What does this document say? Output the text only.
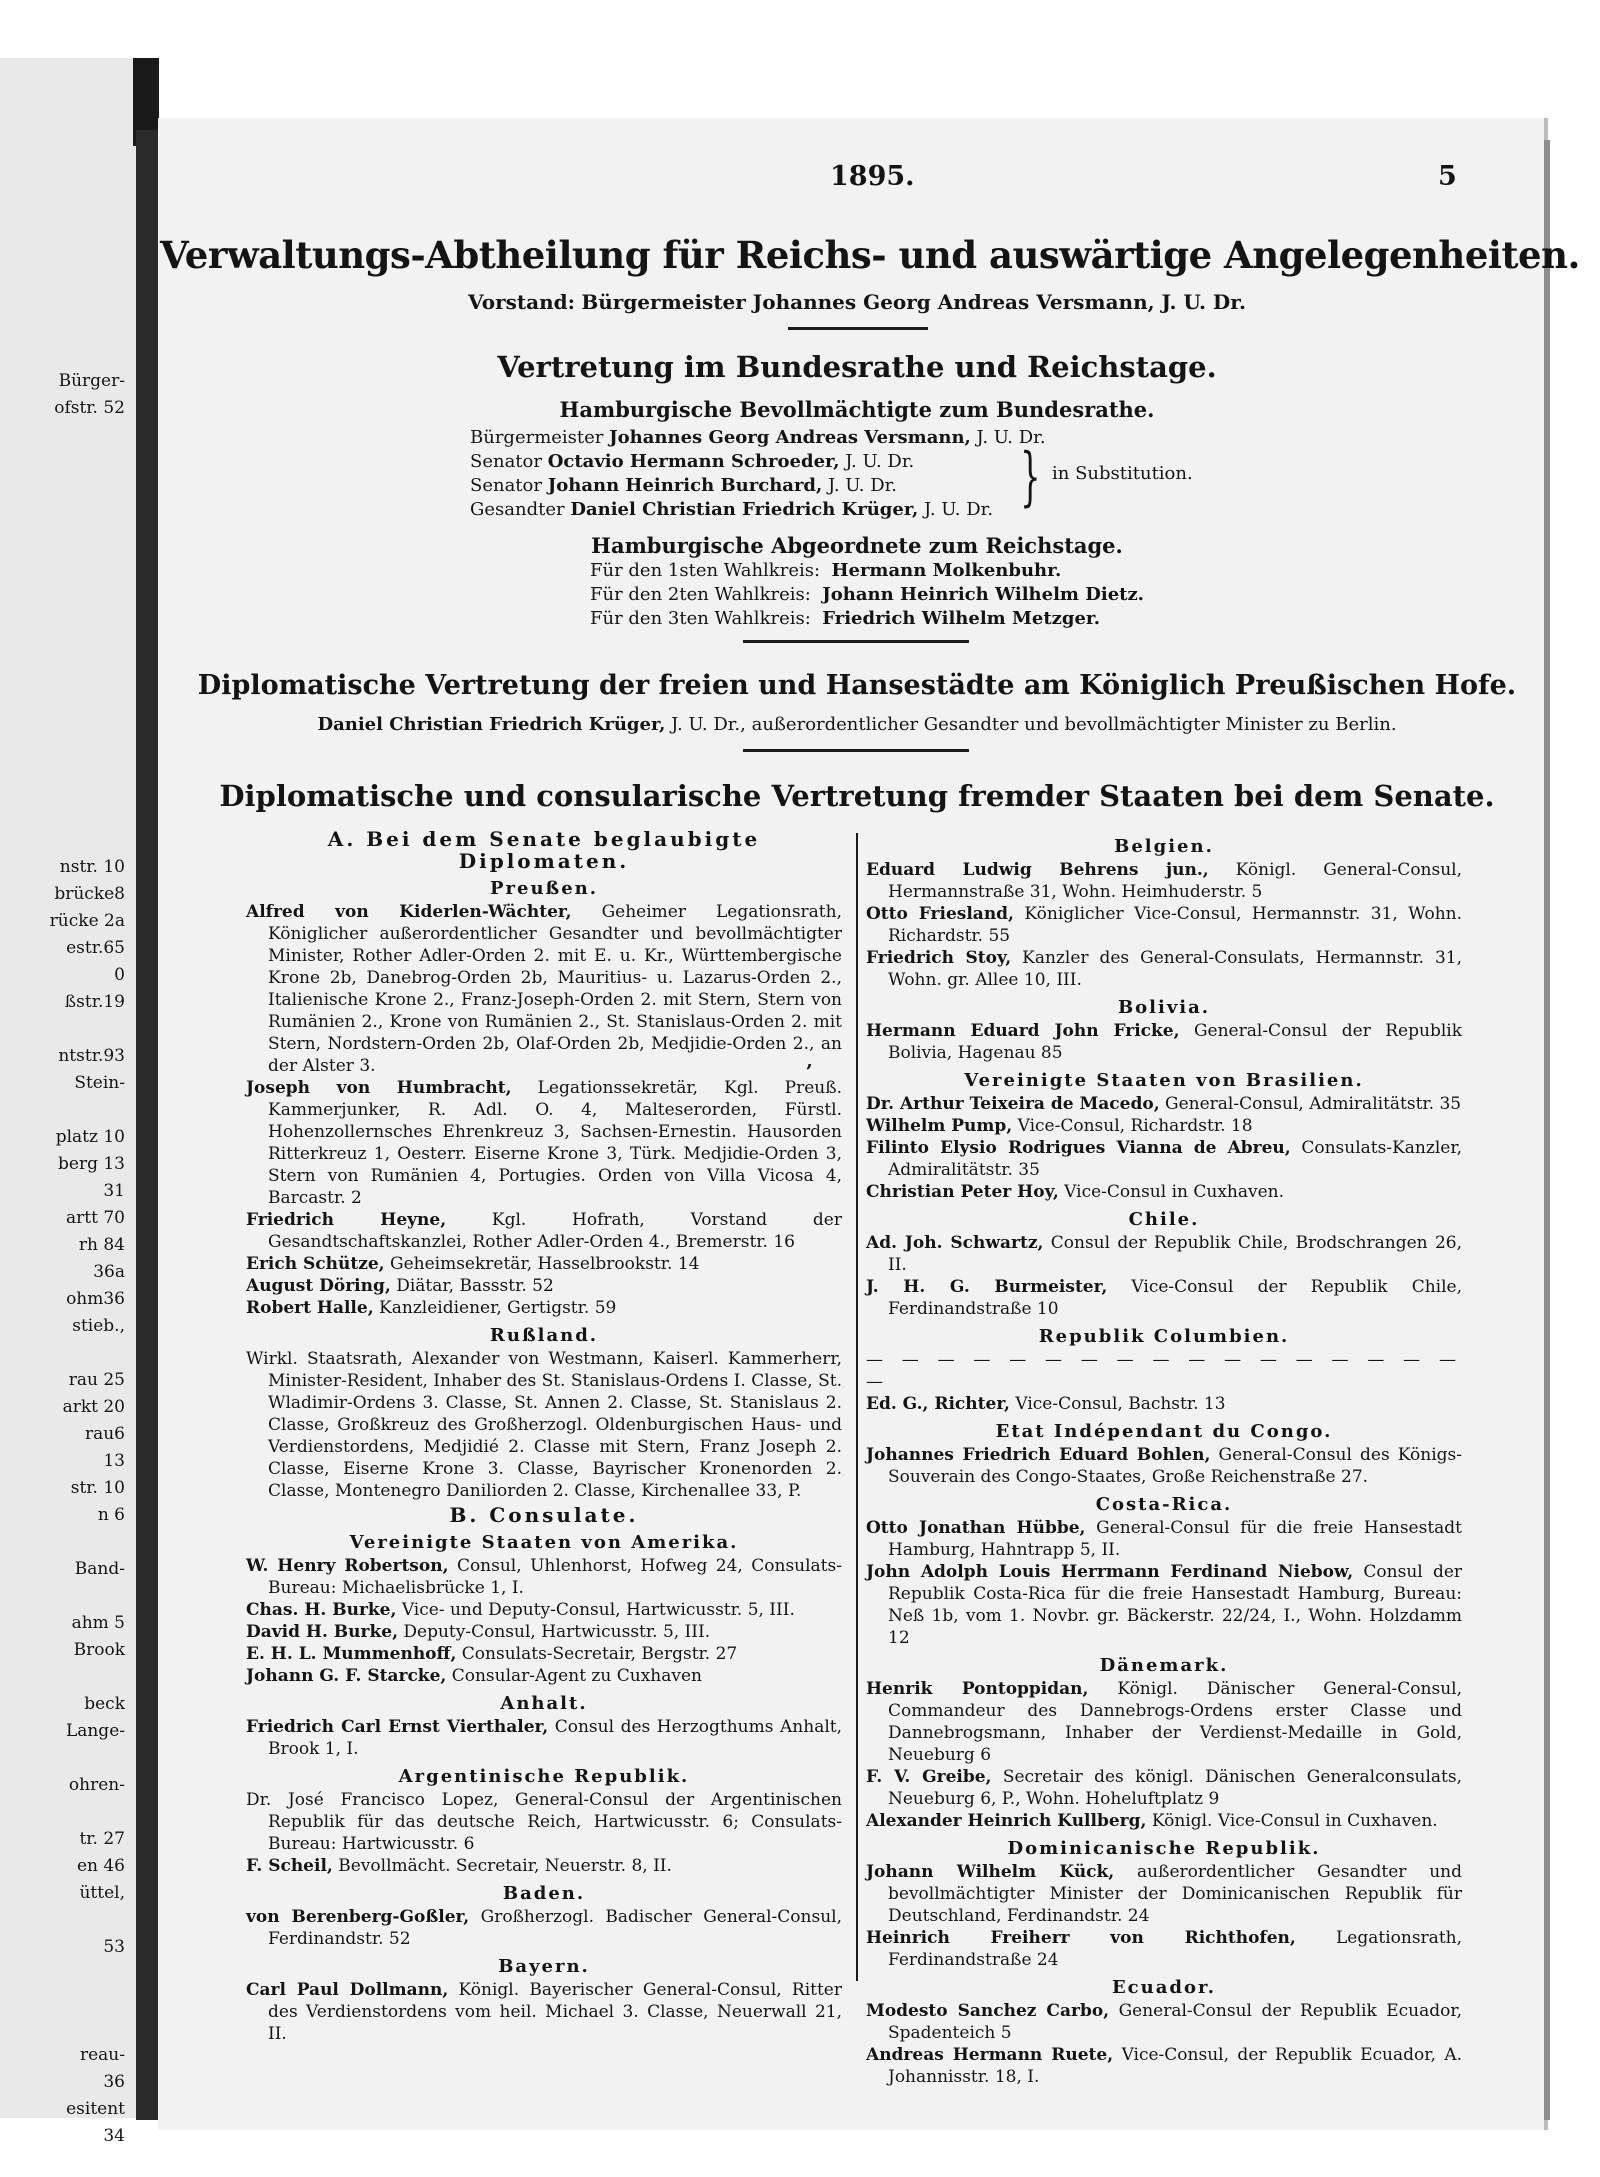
Bürger-
ofstr. 52
nstr. 10
brücke8
rücke 2a
estr.65
0
ßstr.19
ntstr.93
Stein-
platz 10
berg 13
31
artt 70
rh 84
36a
ohm36
stieb.,
rau 25
arkt 20
rau6
13
str. 10
n 6
Band-
ahm 5
Brook
beck
Lange-
ohren-
tr. 27
en 46
üttel,
53
reau-
36
esitent
34
1895.	5
Verwaltungs-Abtheilung für Reichs- und auswärtige Angelegenheiten.
Vorstand: Bürgermeister Johannes Georg Andreas Versmann, J. U. Dr.
Vertretung im Bundesrathe und Reichstage.
Hamburgische Bevollmächtigte zum Bundesrathe.
Bürgermeister Johannes Georg Andreas Versmann, J. U. Dr.
Senator Octavio Hermann Schroeder, J. U. Dr.
Senator Johann Heinrich Burchard, J. U. Dr.
Gesandter Daniel Christian Friedrich Krüger, J. U. Dr. } in Substitution.
Hamburgische Abgeordnete zum Reichstage.
Für den 1sten Wahlkreis: Hermann Molkenbuhr.
Für den 2ten Wahlkreis: Johann Heinrich Wilhelm Dietz.
Für den 3ten Wahlkreis: Friedrich Wilhelm Metzger.
Diplomatische Vertretung der freien und Hansestädte am Königlich Preußischen Hofe.
Daniel Christian Friedrich Krüger, J. U. Dr., außerordentlicher Gesandter und bevollmächtigter Minister zu Berlin.
Diplomatische und consularische Vertretung fremder Staaten bei dem Senate.
A. Bei dem Senate beglaubigte Diplomaten.
Preußen.

Alfred von Kiderlen-Wächter, Geheimer Legationsrath, Königlicher außerordentlicher Gesandter und bevollmächtigter Minister, Rother Adler-Orden 2. mit E. u. Kr., Württembergische Krone 2b, Danebrog-Orden 2b, Mauritius- u. Lazarus-Orden 2., Italienische Krone 2., Franz-Joseph-Orden 2. mit Stern, Stern von Rumänien 2., Krone von Rumänien 2., St. Stanislaus-Orden 2. mit Stern, Nordstern-Orden 2b, Olaf-Orden 2b, Medjidie-Orden 2., an der Alster 3.

Joseph von Humbracht, Legationssekretär, Kgl. Preuß. Kammerjunker, R. Adl. O. 4, Malteserorden, Fürstl. Hohenzollernsches Ehrenkreuz 3, Sachsen-Ernestin. Hausorden Ritterkreuz 1, Oesterr. Eiserne Krone 3, Türk. Medjidie-Orden 3, Stern von Rumänien 4, Portugies. Orden von Villa Vicosa 4, Barcastr. 2

Friedrich Heyne,	Kgl. Hofrath, Vorstand der Gesandtschaftskanzlei, Rother Adler-Orden 4., Bremerstr. 16

Erich Schütze, Geheimsekretär, Hasselbrookstr. 14

August Döring, Diätar, Bassstr. 52

Robert Halle, Kanzleidiener, Gertigstr. 59

Rußland.

Wirkl. Staatsrath, Alexander von Westmann, Kaiserl. Kammerherr, Minister-Resident, Inhaber des St. Stanislaus-Ordens I. Classe, St. Wladimir-Ordens 3. Classe, St. Annen 2. Classe, St. Stanislaus 2. Classe, Großkreuz des Großherzogl. Oldenburgischen Haus- und Verdienstordens, Medjidié 2. Classe mit Stern, Franz Joseph 2. Classe, Eiserne Krone 3. Classe, Bayrischer Kronenorden 2. Classe, Montenegro Daniliorden 2. Classe, Kirchenallee 33, P.

B. Consulate.
Vereinigte Staaten von Amerika.

W. Henry Robertson, Consul, Uhlenhorst, Hofweg 24, Consulats-Bureau: Michaelisbrücke 1, I.

Chas. H. Burke, Vice- und Deputy-Consul, Hartwicusstr. 5, III.

David H. Burke, Deputy-Consul, Hartwicusstr. 5, III.

E. H. L. Mummenhoff, Consulats-Secretair, Bergstr. 27

Johann G. F. Starcke, Consular-Agent zu Cuxhaven

Anhalt.

Friedrich Carl Ernst Vierthaler, Consul des Herzogthums Anhalt, Brook 1, I.

Argentinische Republik.

Dr. José Francisco Lopez, General-Consul der Argentinischen Republik für das deutsche Reich, Hartwicusstr. 6; Consulats-Bureau: Hartwicusstr. 6

F. Scheil, Bevollmächt. Secretair, Neuerstr. 8, II.

Baden.

von Berenberg-Goßler, Großherzogl. Badischer General-Consul, Ferdinandstr. 52

Bayern.

Carl Paul Dollmann, Königl. Bayerischer General-Consul, Ritter des Verdienstordens vom heil. Michael 3. Classe, Neuerwall 21, II.

‚
Belgien.

Eduard Ludwig Behrens jun., Königl. General-Consul, Hermannstraße 31, Wohn. Heimhuderstr. 5

Otto Friesland, Königlicher Vice-Consul, Hermannstr. 31, Wohn. Richardstr. 55

Friedrich Stoy, Kanzler des General-Consulats, Hermannstr. 31, Wohn. gr. Allee 10, III.

Bolivia.

Hermann Eduard John Fricke, General-Consul der Republik Bolivia, Hagenau 85

Vereinigte Staaten von Brasilien.

Dr. Arthur Teixeira de Macedo, General-Consul, Admiralitätstr. 35

Wilhelm Pump, Vice-Consul, Richardstr. 18

Filinto Elysio Rodrigues Vianna de Abreu, Consulats-Kanzler, Admiralitätstr. 35

Christian Peter Hoy, Vice-Consul in Cuxhaven.

Chile.

Ad. Joh. Schwartz, Consul der Republik Chile, Brodschrangen 26, II.

J. H. G. Burmeister, Vice-Consul der Republik Chile, Ferdinandstraße 10

Republik Columbien.

— — — — — — — — — — — — — — — — — —

Ed. G., Richter, Vice-Consul, Bachstr. 13

Etat Indépendant du Congo.

Johannes Friedrich Eduard Bohlen, General-Consul des Königs-Souverain des Congo-Staates, Große Reichenstraße 27.

Costa-Rica.

Otto Jonathan Hübbe, General-Consul für die freie Hansestadt Hamburg, Hahntrapp 5, II.

John Adolph Louis Herrmann Ferdinand Niebow, Consul der Republik Costa-Rica für die freie Hansestadt Hamburg, Bureau: Neß 1b, vom 1. Novbr. gr. Bäckerstr. 22/24, I., Wohn. Holzdamm 12

Dänemark.

Henrik Pontoppidan, Königl. Dänischer General-Consul, Commandeur des Dannebrogs-Ordens erster Classe und Dannebrogsmann, Inhaber der Verdienst-Medaille in Gold, Neueburg 6

F. V. Greibe, Secretair des königl. Dänischen Generalconsulats, Neueburg 6, P., Wohn. Hoheluftplatz 9

Alexander Heinrich Kullberg, Königl. Vice-Consul in Cuxhaven.

Dominicanische Republik.

Johann Wilhelm Kück, außerordentlicher Gesandter und bevollmächtigter Minister der Dominicanischen Republik für Deutschland, Ferdinandstr. 24

Heinrich Freiherr von Richthofen, Legationsrath, Ferdinandstraße 24

Ecuador.

Modesto Sanchez Carbo, General-Consul der Republik Ecuador, Spadenteich 5

Andreas Hermann Ruete, Vice-Consul, der Republik Ecuador, A. Johannisstr. 18, I.
